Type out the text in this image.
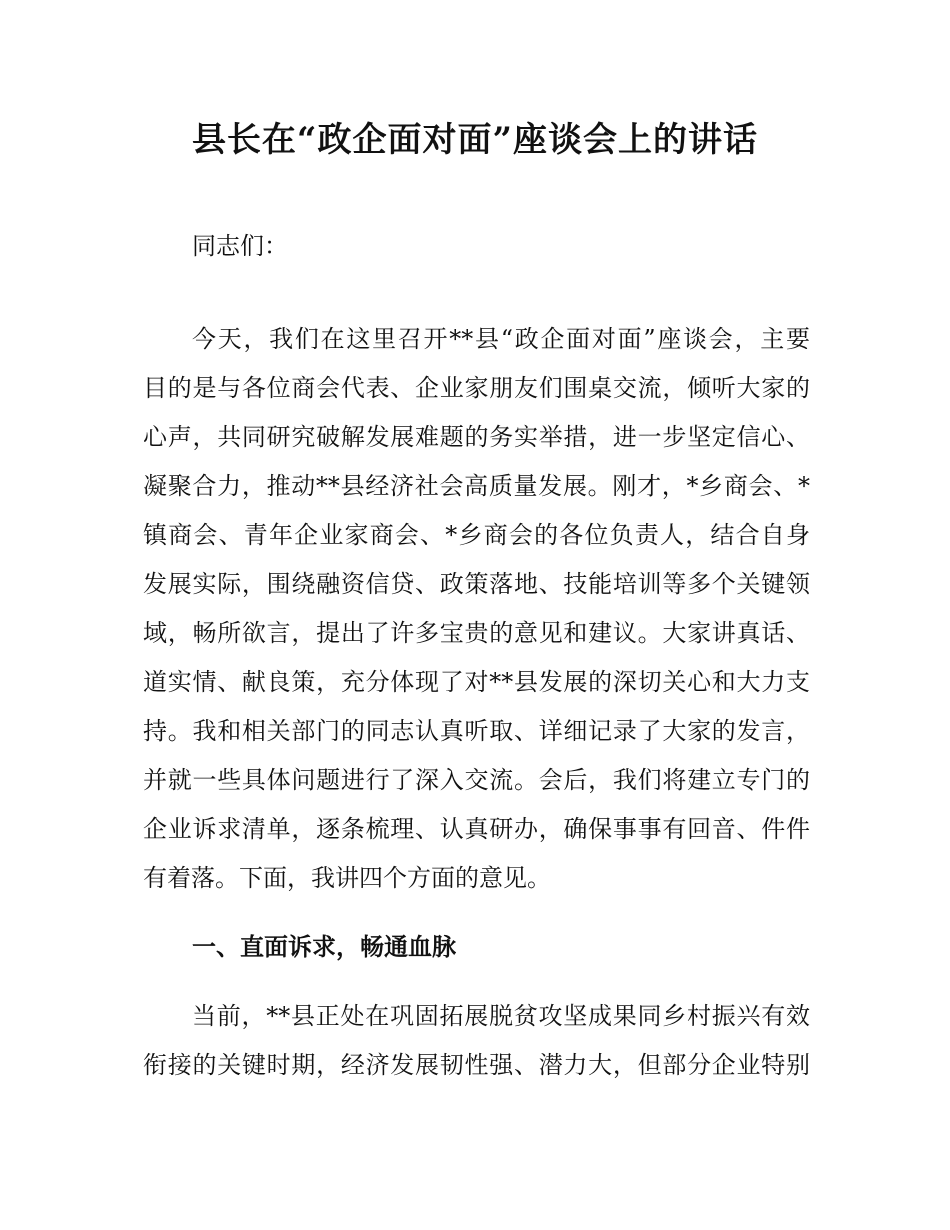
县长在“政企面对面”座谈会上的讲话
同志们：
今天，我们在这里召开**县“政企面对面”座谈会，主要
目的是与各位商会代表、企业家朋友们围桌交流，倾听大家的
心声，共同研究破解发展难题的务实举措，进一步坚定信心、
凝聚合力，推动**县经济社会高质量发展。刚才，*乡商会、*
镇商会、青年企业家商会、*乡商会的各位负责人，结合自身
发展实际，围绕融资信贷、政策落地、技能培训等多个关键领
域，畅所欲言，提出了许多宝贵的意见和建议。大家讲真话、
道实情、献良策，充分体现了对**县发展的深切关心和大力支
持。我和相关部门的同志认真听取、详细记录了大家的发言，
并就一些具体问题进行了深入交流。会后，我们将建立专门的
企业诉求清单，逐条梳理、认真研办，确保事事有回音、件件
有着落。下面，我讲四个方面的意见。
一、直面诉求，畅通血脉
当前，**县正处在巩固拓展脱贫攻坚成果同乡村振兴有效
衔接的关键时期，经济发展韧性强、潜力大，但部分企业特别
